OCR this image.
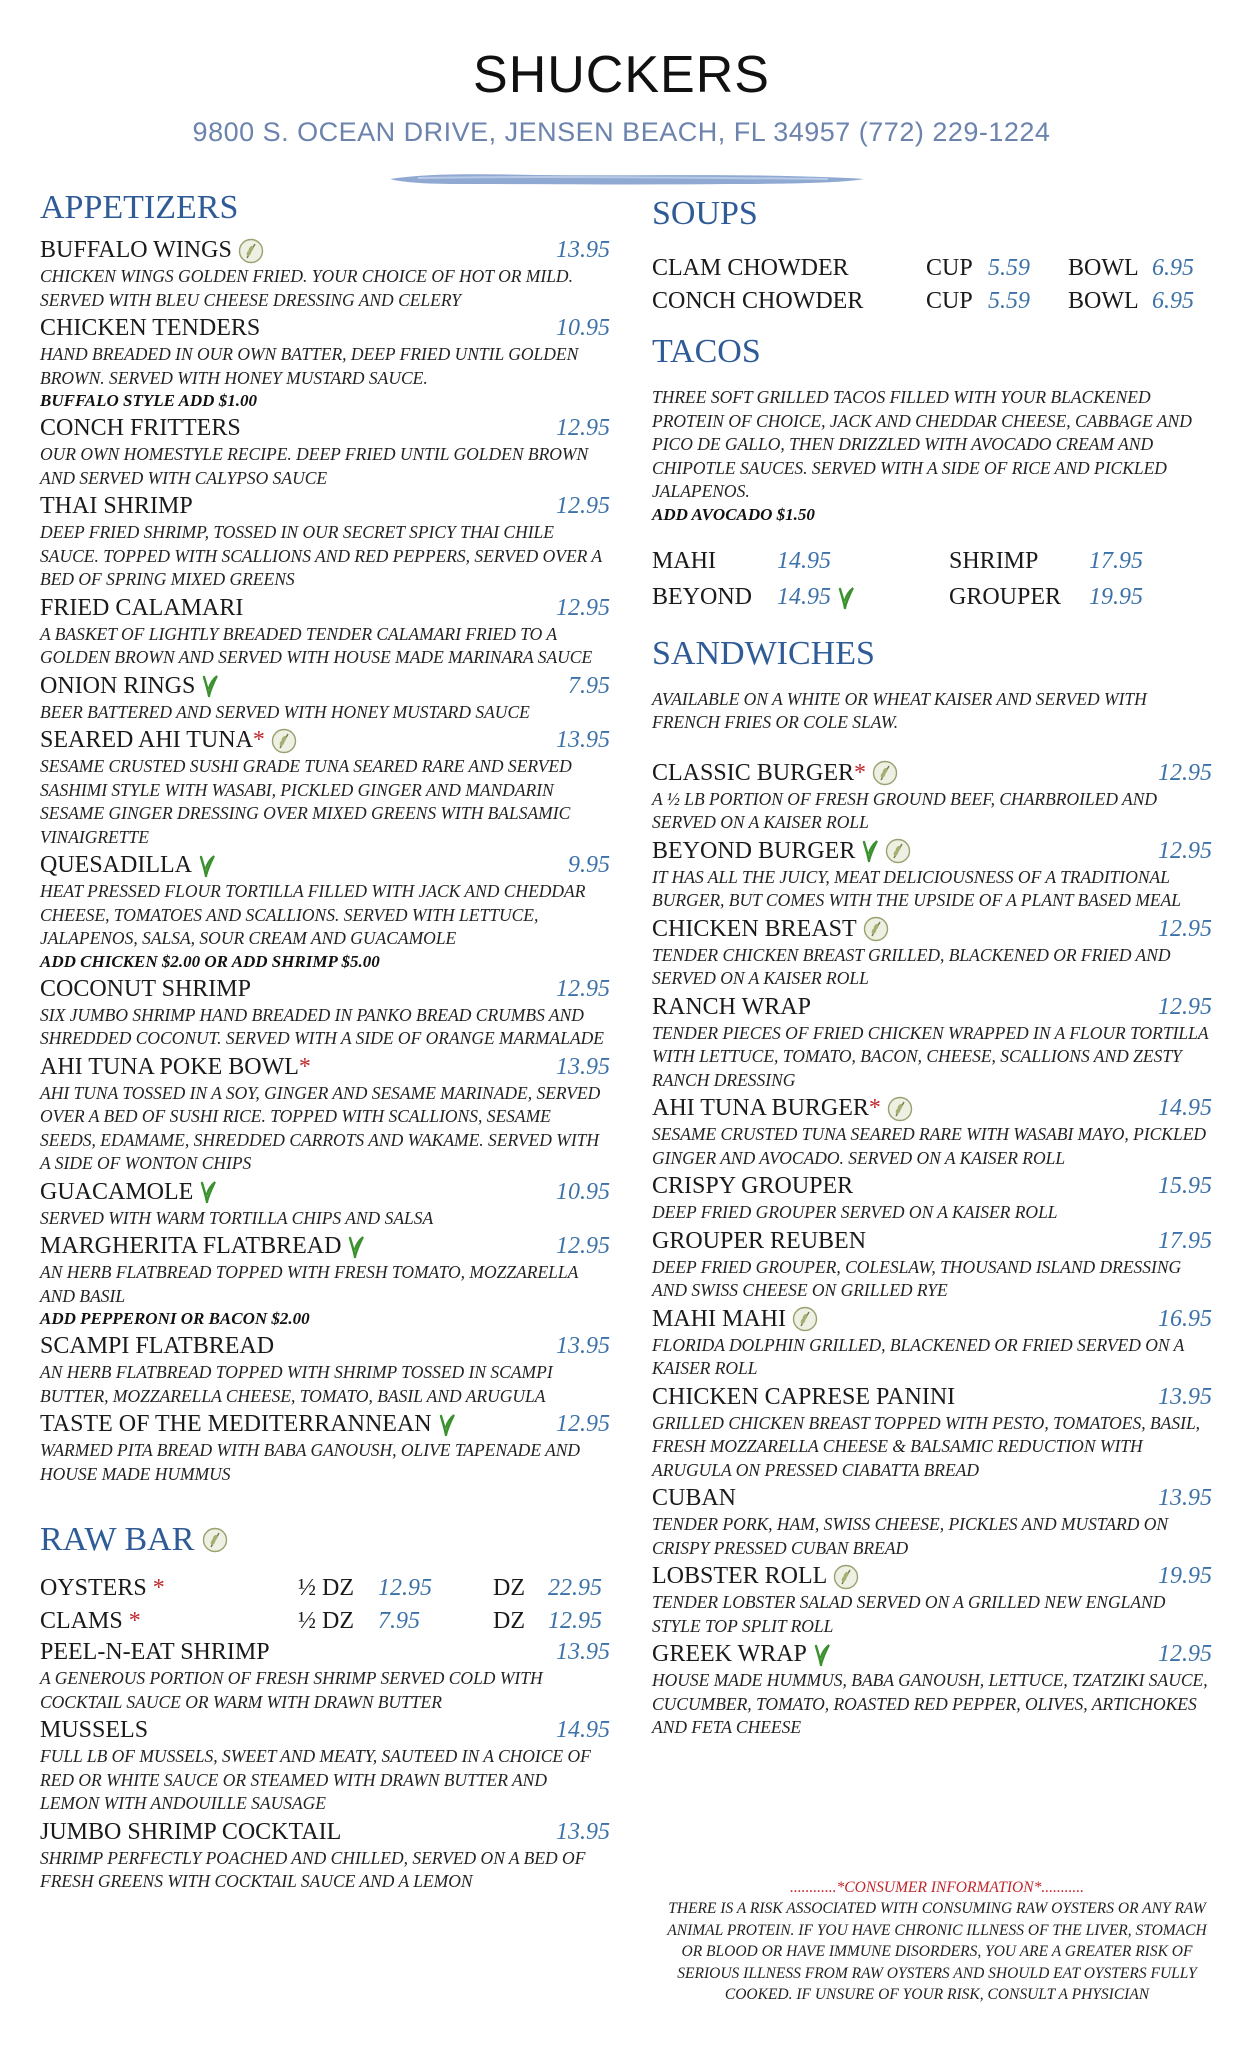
SHUCKERS
9800 S. OCEAN DRIVE, JENSEN BEACH, FL 34957 (772) 229-1224
APPETIZERS
BUFFALO WINGS	13.95
CHICKEN WINGS GOLDEN FRIED. YOUR CHOICE OF HOT OR MILD. SERVED WITH BLEU CHEESE DRESSING AND CELERY
CHICKEN TENDERS	10.95
HAND BREADED IN OUR OWN BATTER, DEEP FRIED UNTIL GOLDEN BROWN. SERVED WITH HONEY MUSTARD SAUCE.
BUFFALO STYLE ADD $1.00
CONCH FRITTERS	12.95
OUR OWN HOMESTYLE RECIPE. DEEP FRIED UNTIL GOLDEN BROWN AND SERVED WITH CALYPSO SAUCE
THAI SHRIMP	12.95
DEEP FRIED SHRIMP, TOSSED IN OUR SECRET SPICY THAI CHILE SAUCE. TOPPED WITH SCALLIONS AND RED PEPPERS, SERVED OVER A BED OF SPRING MIXED GREENS
FRIED CALAMARI	12.95
A BASKET OF LIGHTLY BREADED TENDER CALAMARI FRIED TO A GOLDEN BROWN AND SERVED WITH HOUSE MADE MARINARA SAUCE
ONION RINGS	7.95
BEER BATTERED AND SERVED WITH HONEY MUSTARD SAUCE
SEARED AHI TUNA *	13.95
SESAME CRUSTED SUSHI GRADE TUNA SEARED RARE AND SERVED SASHIMI STYLE WITH WASABI, PICKLED GINGER AND MANDARIN SESAME GINGER DRESSING OVER MIXED GREENS WITH BALSAMIC VINAIGRETTE
QUESADILLA	9.95
HEAT PRESSED FLOUR TORTILLA FILLED WITH JACK AND CHEDDAR CHEESE, TOMATOES AND SCALLIONS. SERVED WITH LETTUCE, JALAPENOS, SALSA, SOUR CREAM AND GUACAMOLE
ADD CHICKEN $2.00 OR ADD SHRIMP $5.00
COCONUT SHRIMP	12.95
SIX JUMBO SHRIMP HAND BREADED IN PANKO BREAD CRUMBS AND SHREDDED COCONUT. SERVED WITH A SIDE OF ORANGE MARMALADE
AHI TUNA POKE BOWL *	13.95
AHI TUNA TOSSED IN A SOY, GINGER AND SESAME MARINADE, SERVED OVER A BED OF SUSHI RICE. TOPPED WITH SCALLIONS, SESAME SEEDS, EDAMAME, SHREDDED CARROTS AND WAKAME. SERVED WITH A SIDE OF WONTON CHIPS
GUACAMOLE	10.95
SERVED WITH WARM TORTILLA CHIPS AND SALSA
MARGHERITA FLATBREAD	12.95
AN HERB FLATBREAD TOPPED WITH FRESH TOMATO, MOZZARELLA AND BASIL
ADD PEPPERONI OR BACON $2.00
SCAMPI FLATBREAD	13.95
AN HERB FLATBREAD TOPPED WITH SHRIMP TOSSED IN SCAMPI BUTTER, MOZZARELLA CHEESE, TOMATO, BASIL AND ARUGULA
TASTE OF THE MEDITERRANNEAN	12.95
WARMED PITA BREAD WITH BABA GANOUSH, OLIVE TAPENADE AND HOUSE MADE HUMMUS
RAW BAR
OYSTERS *	½ DZ	12.95	DZ 22.95
CLAMS *	½ DZ	7.95	DZ 12.95
PEEL-N-EAT SHRIMP	13.95
A GENEROUS PORTION OF FRESH SHRIMP SERVED COLD WITH COCKTAIL SAUCE OR WARM WITH DRAWN BUTTER
MUSSELS	14.95
FULL LB OF MUSSELS, SWEET AND MEATY, SAUTEED IN A CHOICE OF RED OR WHITE SAUCE OR STEAMED WITH DRAWN BUTTER AND LEMON WITH ANDOUILLE SAUSAGE
JUMBO SHRIMP COCKTAIL	13.95
SHRIMP PERFECTLY POACHED AND CHILLED, SERVED ON A BED OF FRESH GREENS WITH COCKTAIL SAUCE AND A LEMON
SOUPS
CLAM CHOWDER	CUP 5.59	BOWL 6.95
CONCH CHOWDER	CUP 5.59	BOWL 6.95
TACOS
THREE SOFT GRILLED TACOS FILLED WITH YOUR BLACKENED PROTEIN OF CHOICE, JACK AND CHEDDAR CHEESE, CABBAGE AND PICO DE GALLO, THEN DRIZZLED WITH AVOCADO CREAM AND CHIPOTLE SAUCES. SERVED WITH A SIDE OF RICE AND PICKLED JALAPENOS.
ADD AVOCADO $1.50
MAHI	14.95	SHRIMP	17.95
BEYOND	14.95	GROUPER	19.95
SANDWICHES
AVAILABLE ON A WHITE OR WHEAT KAISER AND SERVED WITH FRENCH FRIES OR COLE SLAW.
CLASSIC BURGER *	12.95
A ½ LB PORTION OF FRESH GROUND BEEF, CHARBROILED AND SERVED ON A KAISER ROLL
BEYOND BURGER	12.95
IT HAS ALL THE JUICY, MEAT DELICIOUSNESS OF A TRADITIONAL BURGER, BUT COMES WITH THE UPSIDE OF A PLANT BASED MEAL
CHICKEN BREAST	12.95
TENDER CHICKEN BREAST GRILLED, BLACKENED OR FRIED AND SERVED ON A KAISER ROLL
RANCH WRAP	12.95
TENDER PIECES OF FRIED CHICKEN WRAPPED IN A FLOUR TORTILLA WITH LETTUCE, TOMATO, BACON, CHEESE, SCALLIONS AND ZESTY RANCH DRESSING
AHI TUNA BURGER *	14.95
SESAME CRUSTED TUNA SEARED RARE WITH WASABI MAYO, PICKLED GINGER AND AVOCADO. SERVED ON A KAISER ROLL
CRISPY GROUPER	15.95
DEEP FRIED GROUPER SERVED ON A KAISER ROLL
GROUPER REUBEN	17.95
DEEP FRIED GROUPER, COLESLAW, THOUSAND ISLAND DRESSING AND SWISS CHEESE ON GRILLED RYE
MAHI MAHI	16.95
FLORIDA DOLPHIN GRILLED, BLACKENED OR FRIED SERVED ON A KAISER ROLL
CHICKEN CAPRESE PANINI	13.95
GRILLED CHICKEN BREAST TOPPED WITH PESTO, TOMATOES, BASIL, FRESH MOZZARELLA CHEESE & BALSAMIC REDUCTION WITH ARUGULA ON PRESSED CIABATTA BREAD
CUBAN	13.95
TENDER PORK, HAM, SWISS CHEESE, PICKLES AND MUSTARD ON CRISPY PRESSED CUBAN BREAD
LOBSTER ROLL	19.95
TENDER LOBSTER SALAD SERVED ON A GRILLED NEW ENGLAND STYLE TOP SPLIT ROLL
GREEK WRAP	12.95
HOUSE MADE HUMMUS, BABA GANOUSH, LETTUCE, TZATZIKI SAUCE, CUCUMBER, TOMATO, ROASTED RED PEPPER, OLIVES, ARTICHOKES AND FETA CHEESE
............*CONSUMER INFORMATION*...........
THERE IS A RISK ASSOCIATED WITH CONSUMING RAW OYSTERS OR ANY RAW ANIMAL PROTEIN. IF YOU HAVE CHRONIC ILLNESS OF THE LIVER, STOMACH OR BLOOD OR HAVE IMMUNE DISORDERS, YOU ARE A GREATER RISK OF SERIOUS ILLNESS FROM RAW OYSTERS AND SHOULD EAT OYSTERS FULLY COOKED. IF UNSURE OF YOUR RISK, CONSULT A PHYSICIAN
